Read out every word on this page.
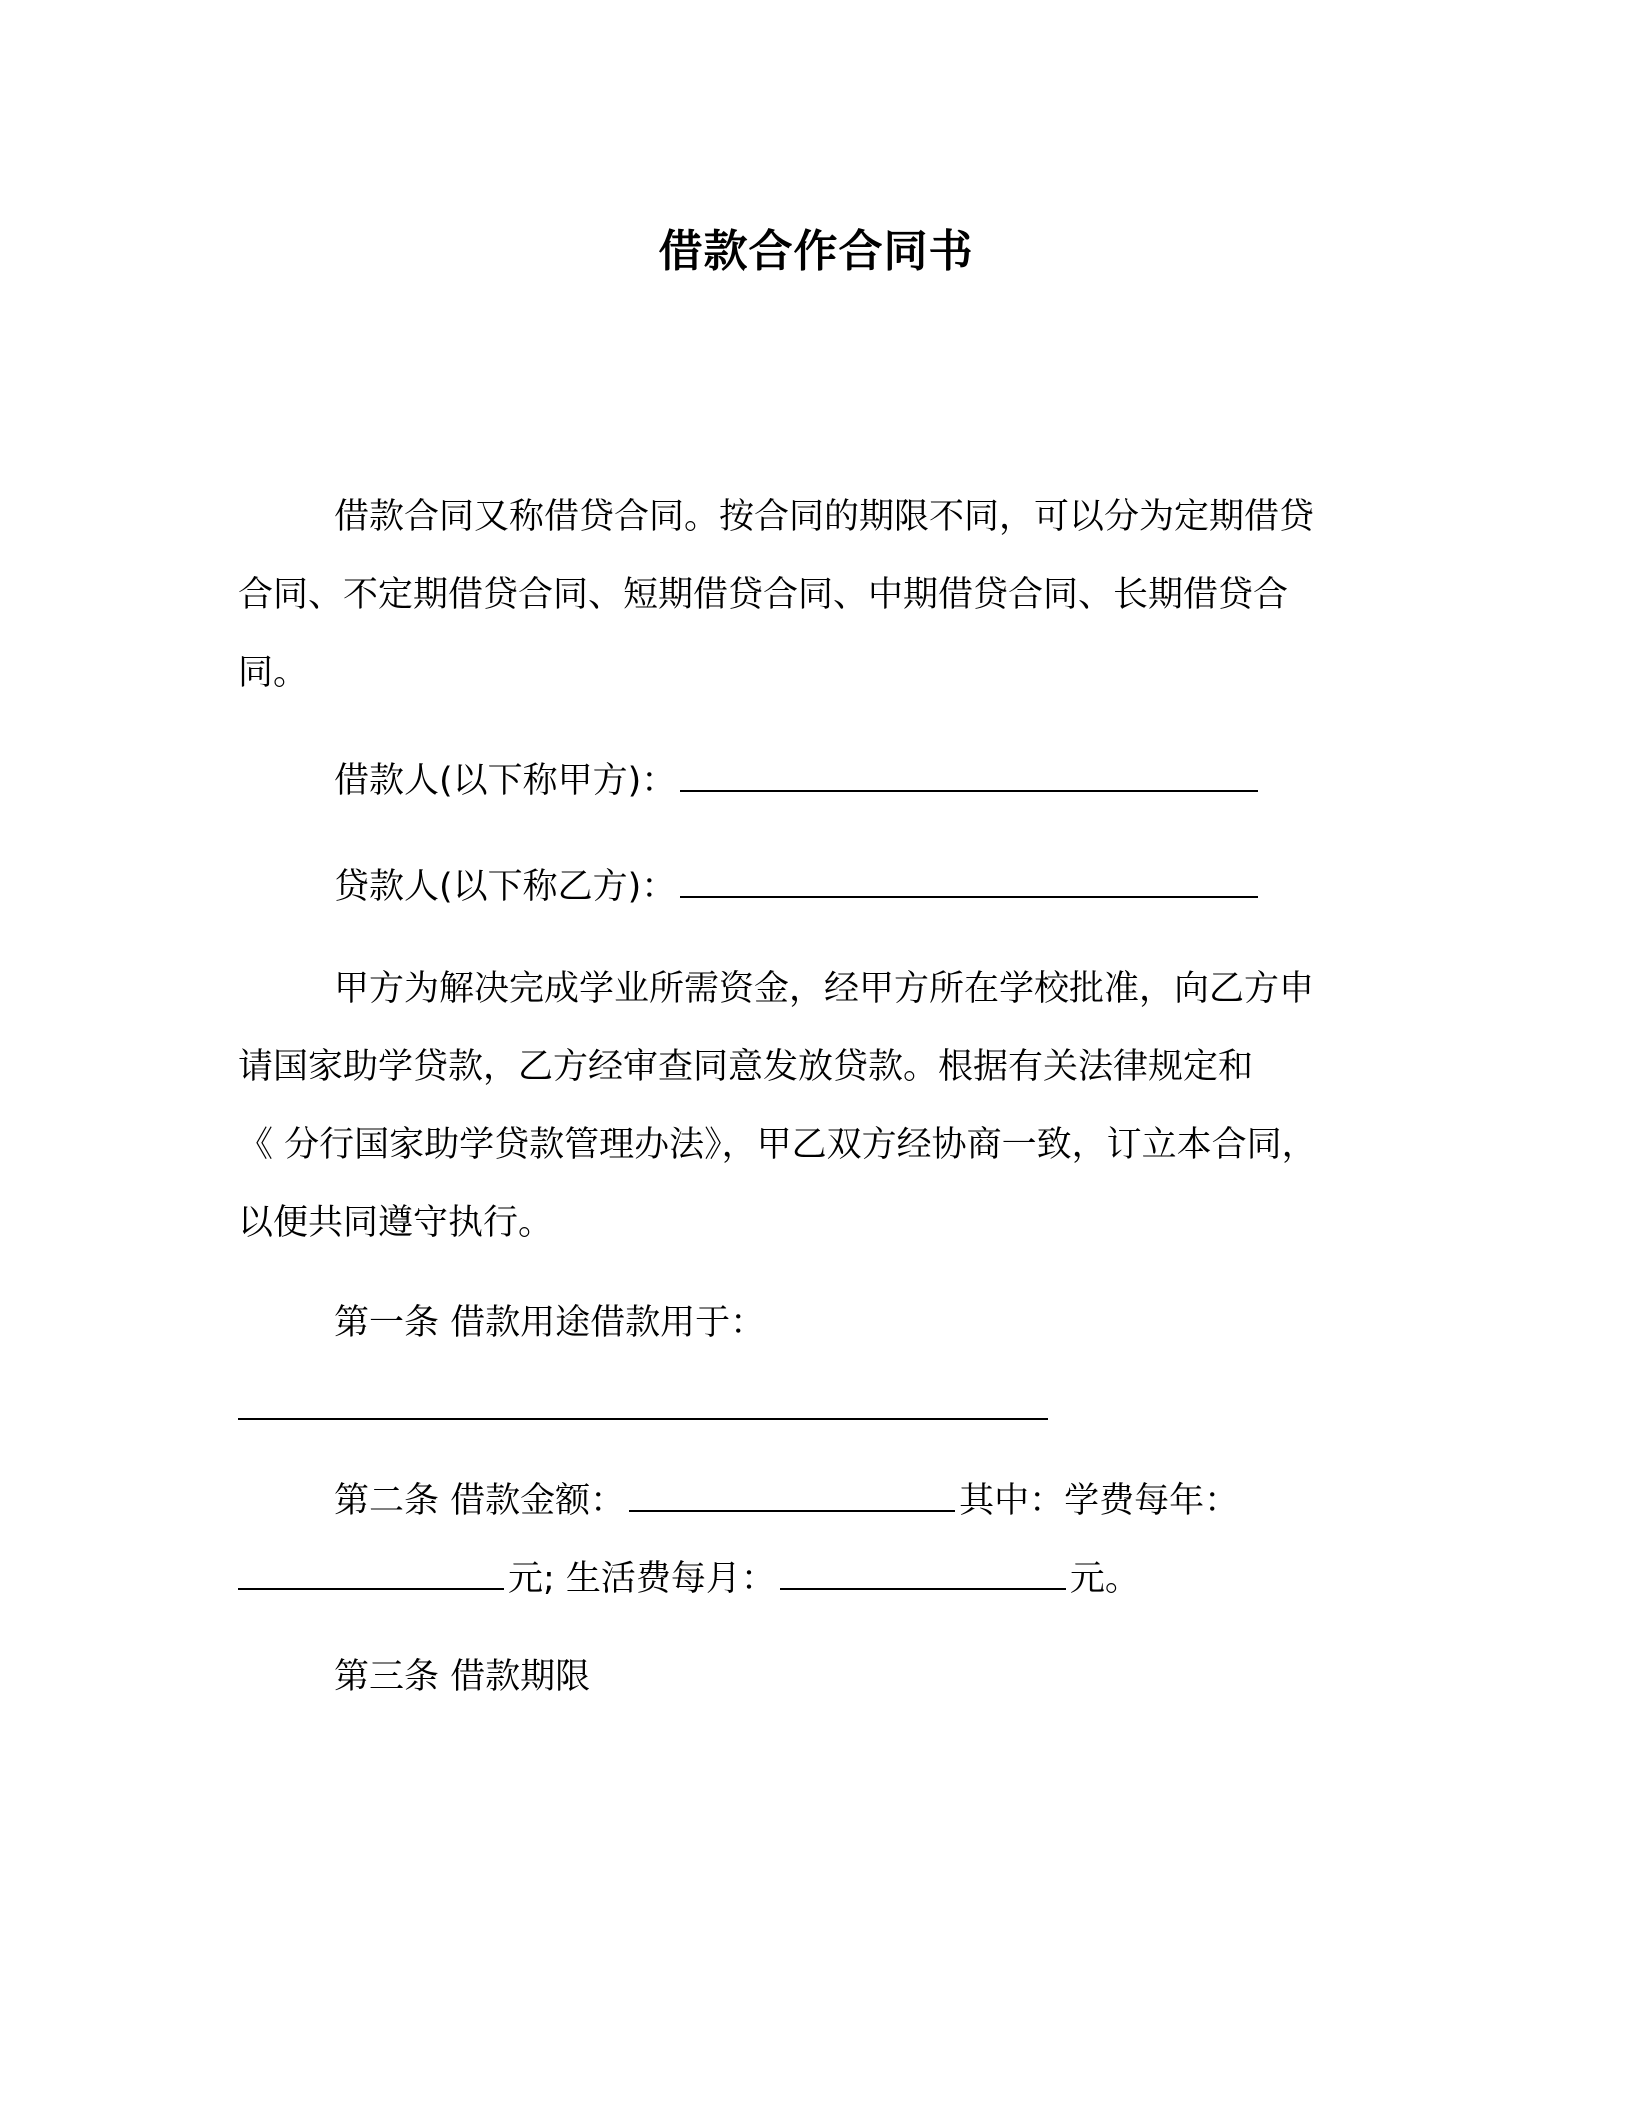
借款合作合同书
借款合同又称借贷合同。按合同的期限不同，可以分为定期借贷
合同、不定期借贷合同、短期借贷合同、中期借贷合同、长期借贷合
同。
借款人(以下称甲方)：
贷款人(以下称乙方)：
甲方为解决完成学业所需资金，经甲方所在学校批准，向乙方申
请国家助学贷款，乙方经审查同意发放贷款。根据有关法律规定和
《 分行国家助学贷款管理办法》，甲乙双方经协商一致，订立本合同，
以便共同遵守执行。
第一条 借款用途借款用于：
第二条 借款金额：	其中：学费每年：
元; 生活费每月：	元。
第三条 借款期限
